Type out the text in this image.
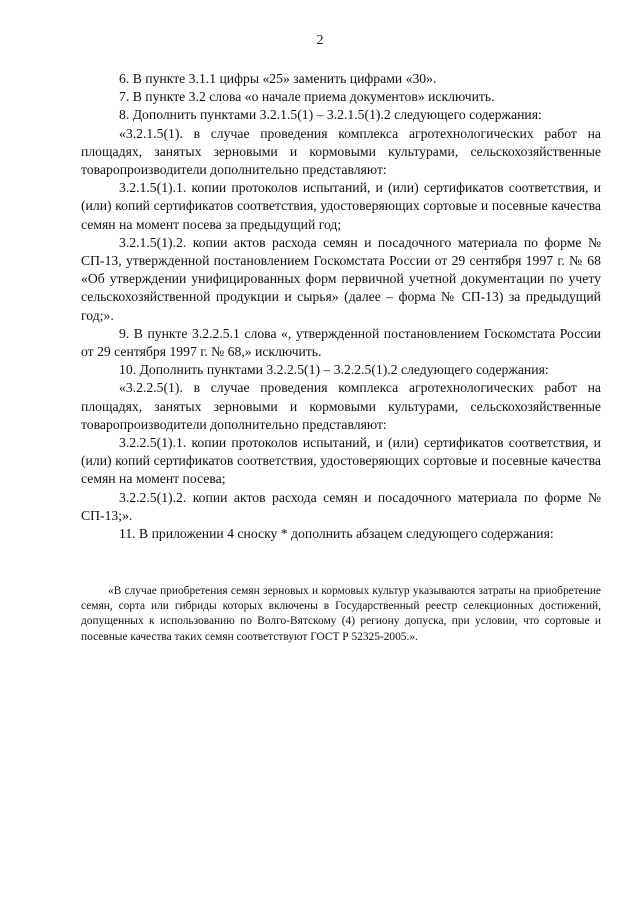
2

6. В пункте 3.1.1 цифры «25» заменить цифрами «30».

7. В пункте 3.2 слова «о начале приема документов» исключить.

8. Дополнить пунктами 3.2.1.5(1) – 3.2.1.5(1).2 следующего содержания:

«3.2.1.5(1). в случае проведения комплекса агротехнологических работ на площадях, занятых зерновыми и кормовыми культурами, сельскохозяйственные товаропроизводители дополнительно представляют:

3.2.1.5(1).1. копии протоколов испытаний, и (или) сертификатов соответствия, и (или) копий сертификатов соответствия, удостоверяющих сортовые и посевные качества семян на момент посева за предыдущий год;

3.2.1.5(1).2. копии актов расхода семян и посадочного материала по форме № СП-13, утвержденной постановлением Госкомстата России от 29 сентября 1997 г. № 68 «Об утверждении унифицированных форм первичной учетной документации по учету сельскохозяйственной продукции и сырья» (далее – форма № СП-13) за предыдущий год;».

9. В пункте 3.2.2.5.1 слова «, утвержденной постановлением Госкомстата России от 29 сентября 1997 г. № 68,» исключить.

10. Дополнить пунктами 3.2.2.5(1) – 3.2.2.5(1).2 следующего содержания:

«3.2.2.5(1). в случае проведения комплекса агротехнологических работ на площадях, занятых зерновыми и кормовыми культурами, сельскохозяйственные товаропроизводители дополнительно представляют:

3.2.2.5(1).1. копии протоколов испытаний, и (или) сертификатов соответствия, и (или) копий сертификатов соответствия, удостоверяющих сортовые и посевные качества семян на момент посева;

3.2.2.5(1).2. копии актов расхода семян и посадочного материала по форме № СП-13;».

11. В приложении 4 сноску * дополнить абзацем следующего содержания:

«В случае приобретения семян зерновых и кормовых культур указываются затраты на приобретение семян, сорта или гибриды которых включены в Государственный реестр селекционных достижений, допущенных к использованию по Волго-Вятскому (4) региону допуска, при условии, что сортовые и посевные качества таких семян соответствуют ГОСТ Р 52325-2005.».
